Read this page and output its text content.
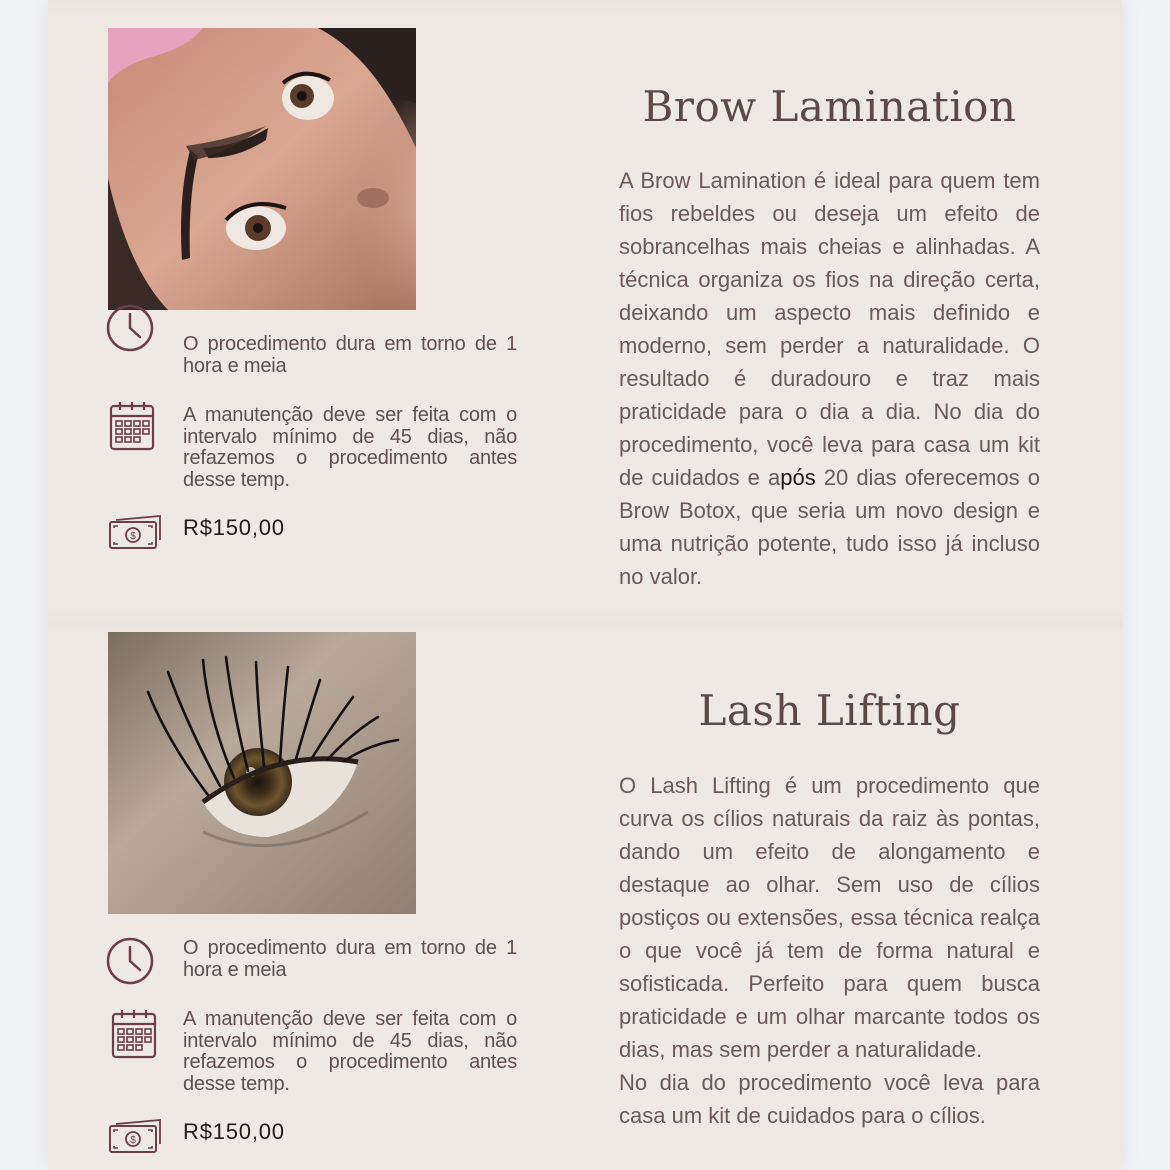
O procedimento dura em torno de 1 hora e meia
A manutenção deve ser feita com o intervalo mínimo de 45 dias, não refazemos o procedimento antes desse temp.
$ R$150,00
Brow Lamination

A Brow Lamination é ideal para quem tem fios rebeldes ou deseja um efeito de sobrancelhas mais cheias e alinhadas. A técnica organiza os fios na direção certa, deixando um aspecto mais definido e moderno, sem perder a naturalidade. O resultado é duradouro e traz mais praticidade para o dia a dia. No dia do procedimento, você leva para casa um kit de cuidados e após 20 dias oferecemos o Brow Botox, que seria um novo design e uma nutrição potente, tudo isso já incluso no valor.

O procedimento dura em torno de 1 hora e meia
A manutenção deve ser feita com o intervalo mínimo de 45 dias, não refazemos o procedimento antes desse temp.
$ R$150,00
Lash Lifting

O Lash Lifting é um procedimento que curva os cílios naturais da raiz às pontas, dando um efeito de alongamento e destaque ao olhar. Sem uso de cílios postiços ou extensões, essa técnica realça o que você já tem de forma natural e sofisticada. Perfeito para quem busca praticidade e um olhar marcante todos os dias, mas sem perder a naturalidade.
No dia do procedimento você leva para casa um kit de cuidados para o cílios.
